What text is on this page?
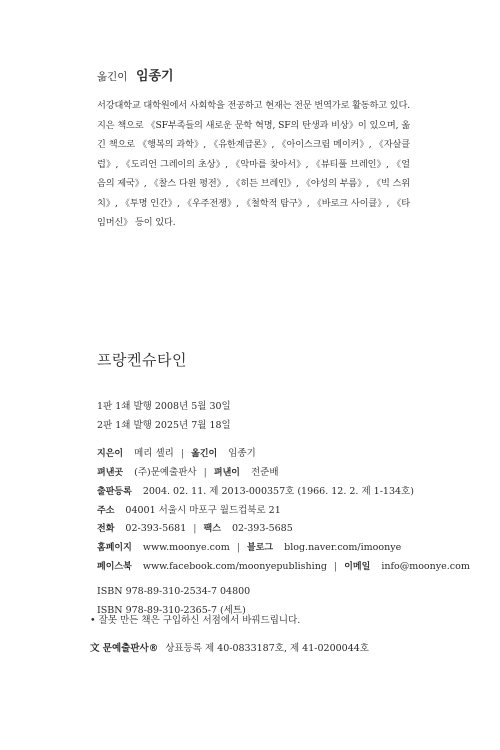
옮긴이 임종기
서강대학교 대학원에서 사회학을 전공하고 현재는 전문 번역가로 활동하고 있다. 지은 책으로 《SF부족들의 새로운 문학 혁명, SF의 탄생과 비상》이 있으며, 옮긴 책으로 《행복의 과학》, 《유한계급론》, 《아이스크림 메이커》, 《자살클럽》, 《도리언 그레이의 초상》, 《악마를 찾아서》, 《뷰티풀 브레인》, 《얼음의 제국》, 《찰스 다윈 평전》, 《히든 브레인》, 《야성의 부름》, 《빅 스위치》, 《투명 인간》, 《우주전쟁》, 《철학적 탐구》, 《바로크 사이클》, 《타임머신》 등이 있다.
프랑켄슈타인
1판 1쇄 발행 2008년 5월 30일
2판 1쇄 발행 2025년 7월 18일
지은이 메리 셸리 | 옮긴이 임종기
펴낸곳 (주)문예출판사 | 펴낸이 전준배
출판등록 2004. 02. 11. 제 2013-000357호 (1966. 12. 2. 제 1-134호)
주소 04001 서울시 마포구 월드컵북로 21
전화 02-393-5681 | 팩스 02-393-5685
홈페이지 www.moonye.com | 블로그 blog.naver.com/imoonye
페이스북 www.facebook.com/moonyepublishing | 이메일 info@moonye.com
ISBN 978-89-310-2534-7 04800
ISBN 978-89-310-2365-7 (세트)
• 잘못 만든 책은 구입하신 서점에서 바꿔드립니다.
文 문예출판사® 상표등록 제 40-0833187호, 제 41-0200044호
